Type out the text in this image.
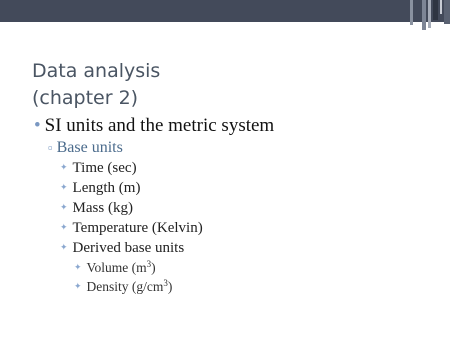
Data analysis
(chapter 2)
• SI units and the metric system
▫ Base units
✦ Time (sec)
✦ Length (m)
✦ Mass (kg)
✦ Temperature (Kelvin)
✦ Derived base units
✦ Volume $(m^3)$
✦ Density $(g/cm^3)$
